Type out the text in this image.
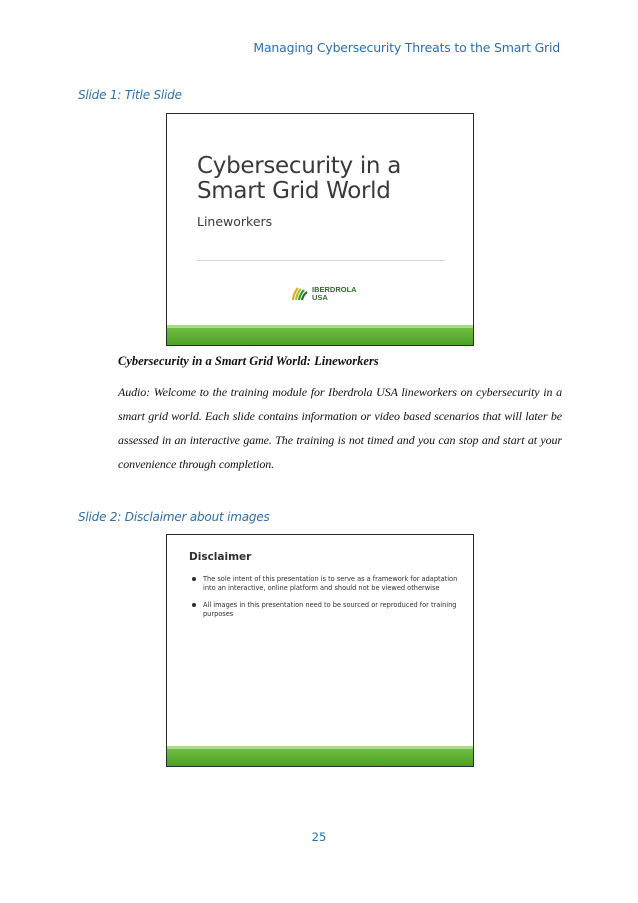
Managing Cybersecurity Threats to the Smart Grid
Slide 1: Title Slide
Cybersecurity in a
Smart Grid World
Lineworkers
IBERDROLA
USA
Cybersecurity in a Smart Grid World: Lineworkers
Audio: Welcome to the training module for Iberdrola USA lineworkers on cybersecurity in a smart grid world. Each slide contains information or video based scenarios that will later be assessed in an interactive game. The training is not timed and you can stop and start at your convenience through completion.
Slide 2: Disclaimer about images
Disclaimer
The sole intent of this presentation is to serve as a framework for adaptation into an interactive, online platform and should not be viewed otherwise
All images in this presentation need to be sourced or reproduced for training purposes
25
